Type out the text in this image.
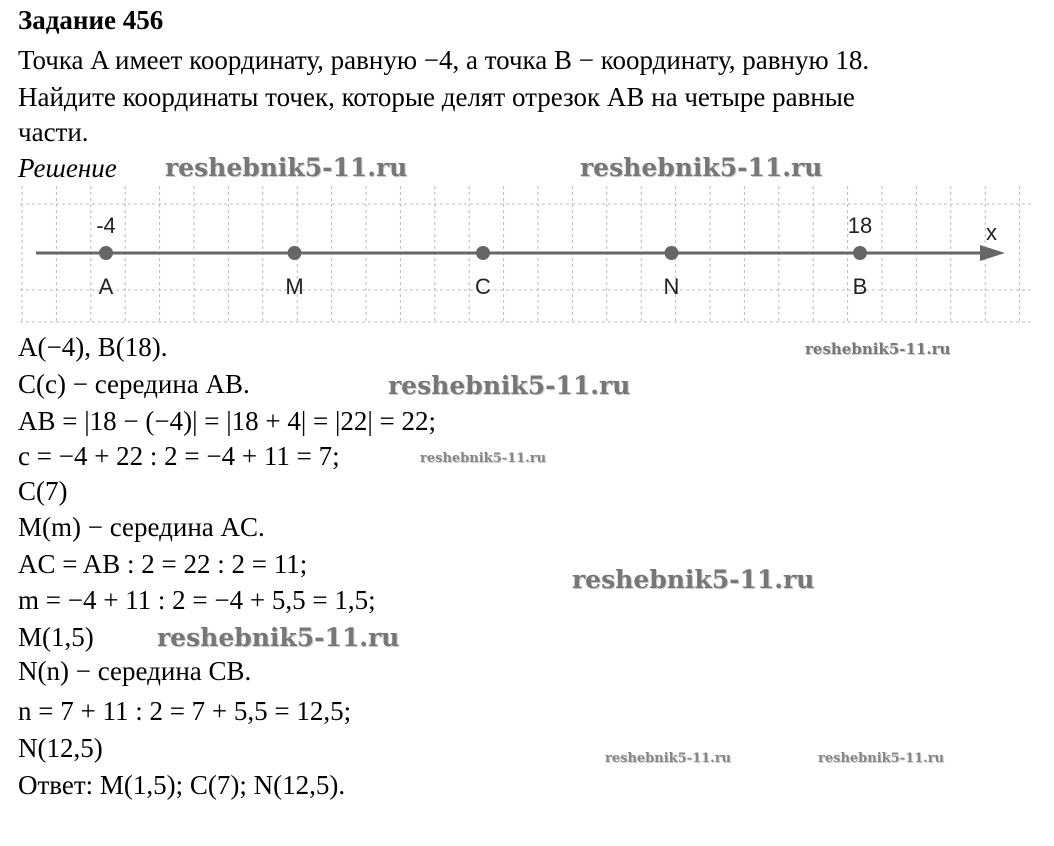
Задание 456
Точка A имеет координату, равную −4, а точка B − координату, равную 18.
Найдите координаты точек, которые делят отрезок AB на четыре равные
части.
Решение
x
A
-4
M	C	N	B
18
A(−4), B(18).
C(c) − середина AB.
AB = |18 − (−4)| = |18 + 4| = |22| = 22;
c = −4 + 22 : 2 = −4 + 11 = 7;
C(7)
M(m) − середина AC.
AC = AB : 2 = 22 : 2 = 11;
m = −4 + 11 : 2 = −4 + 5,5 = 1,5;
M(1,5)
N(n) − середина CB.
n = 7 + 11 : 2 = 7 + 5,5 = 12,5;
N(12,5)
Ответ: M(1,5); C(7); N(12,5).
reshebnik5-11.ru	reshebnik5-11.ru
reshebnik5-11.ru
reshebnik5-11.ru
reshebnik5-11.ru
reshebnik5-11.ru
reshebnik5-11.ru
reshebnik5-11.ru	reshebnik5-11.ru
